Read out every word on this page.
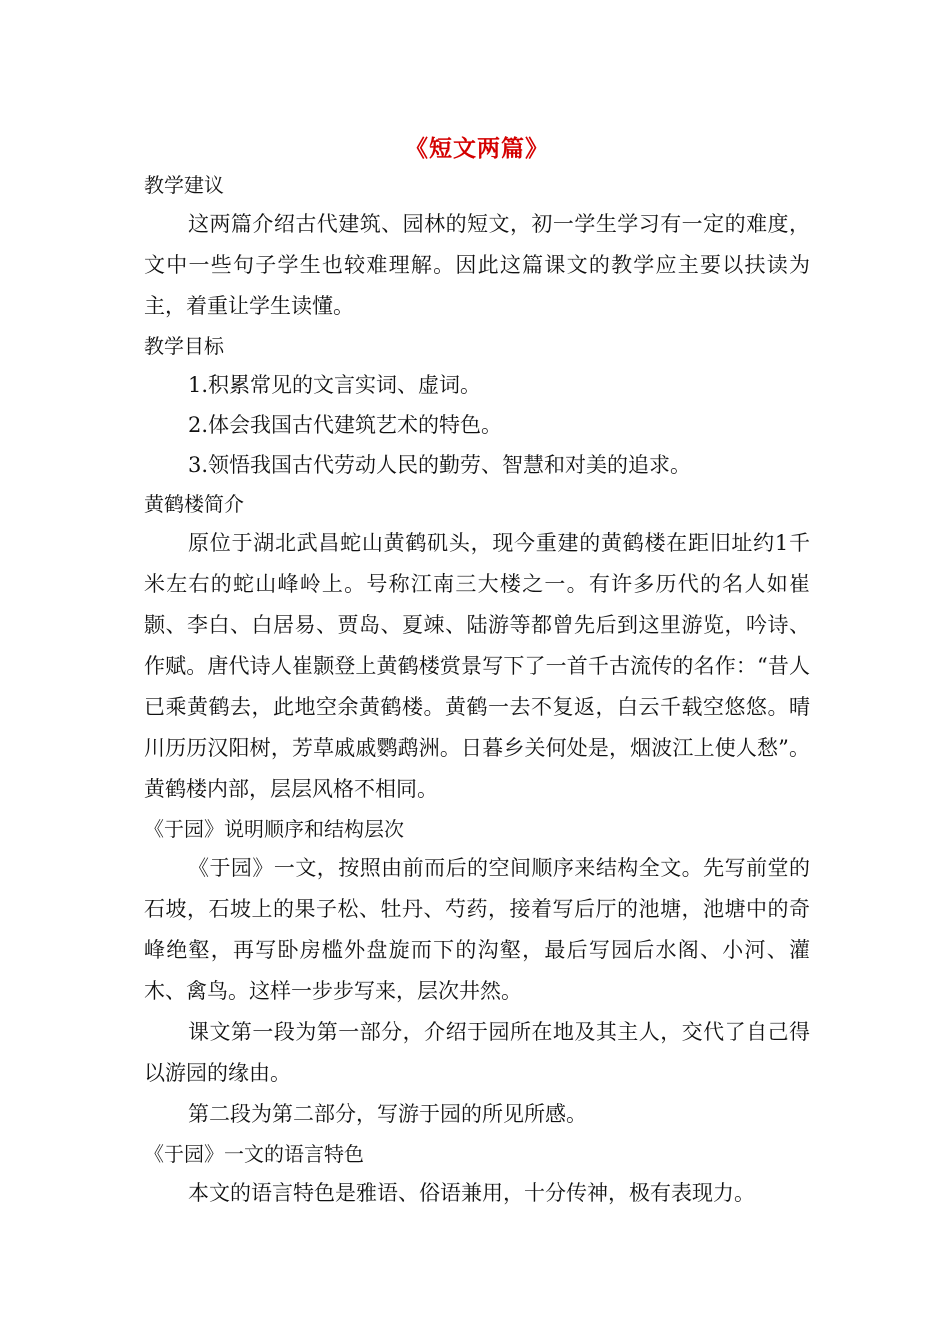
《短文两篇》
教学建议

这两篇介绍古代建筑、园林的短文，初一学生学习有一定的难度，文中一些句子学生也较难理解。因此这篇课文的教学应主要以扶读为主，着重让学生读懂。

教学目标

1.积累常见的文言实词、虚词。

2.体会我国古代建筑艺术的特色。

3.领悟我国古代劳动人民的勤劳、智慧和对美的追求。

黄鹤楼简介

原位于湖北武昌蛇山黄鹤矶头，现今重建的黄鹤楼在距旧址约1千米左右的蛇山峰岭上。号称江南三大楼之一。有许多历代的名人如崔颢、李白、白居易、贾岛、夏竦、陆游等都曾先后到这里游览，吟诗、作赋。唐代诗人崔颢登上黄鹤楼赏景写下了一首千古流传的名作：“昔人已乘黄鹤去，此地空余黄鹤楼。黄鹤一去不复返，白云千载空悠悠。晴川历历汉阳树，芳草戚戚鹦鹉洲。日暮乡关何处是，烟波江上使人愁”。黄鹤楼内部，层层风格不相同。

《于园》说明顺序和结构层次

《于园》一文，按照由前而后的空间顺序来结构全文。先写前堂的石坡，石坡上的果子松、牡丹、芍药，接着写后厅的池塘，池塘中的奇峰绝壑，再写卧房槛外盘旋而下的沟壑，最后写园后水阁、小河、灌木、禽鸟。这样一步步写来，层次井然。

课文第一段为第一部分，介绍于园所在地及其主人，交代了自己得以游园的缘由。

第二段为第二部分，写游于园的所见所感。

《于园》一文的语言特色

本文的语言特色是雅语、俗语兼用，十分传神，极有表现力。
